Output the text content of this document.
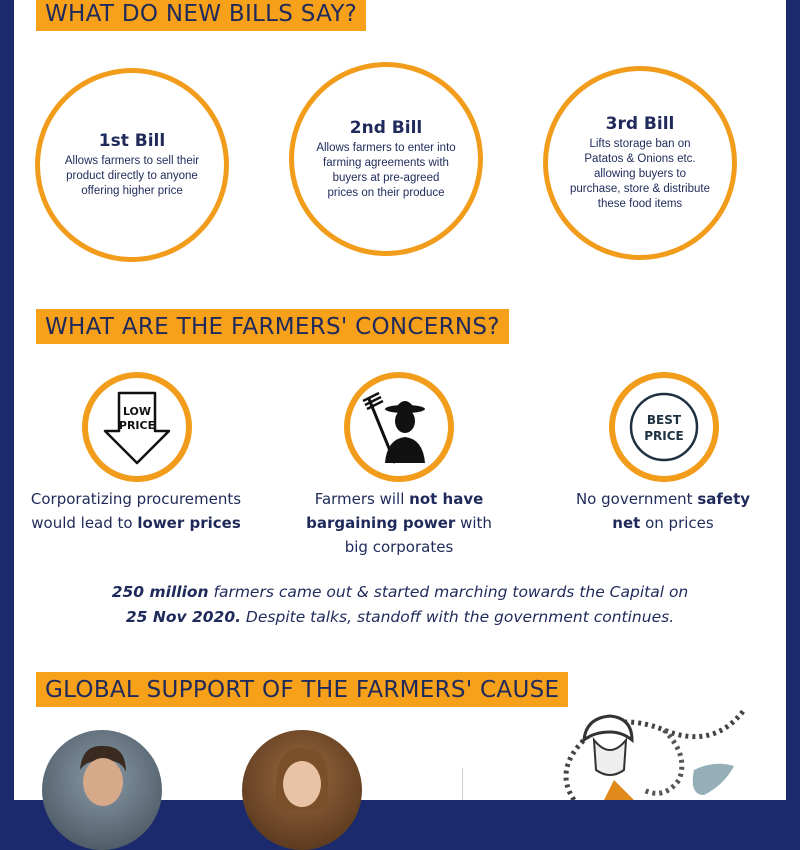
WHAT DO NEW BILLS SAY?
1st Bill
Allows farmers to sell their product directly to anyone offering higher price
2nd Bill
Allows farmers to enter into farming agreements with buyers at pre-agreed prices on their produce
3rd Bill
Lifts storage ban on Patatos & Onions etc. allowing buyers to purchase, store & distribute these food items
WHAT ARE THE FARMERS' CONCERNS?
LOW
PRICE	BEST
PRICE
Corporatizing procurements would lead to lower prices
Farmers will not have bargaining power with big corporates
No government safety net on prices
250 million farmers came out & started marching towards the Capital on
25 Nov 2020. Despite talks, standoff with the government continues.
GLOBAL SUPPORT OF THE FARMERS' CAUSE
